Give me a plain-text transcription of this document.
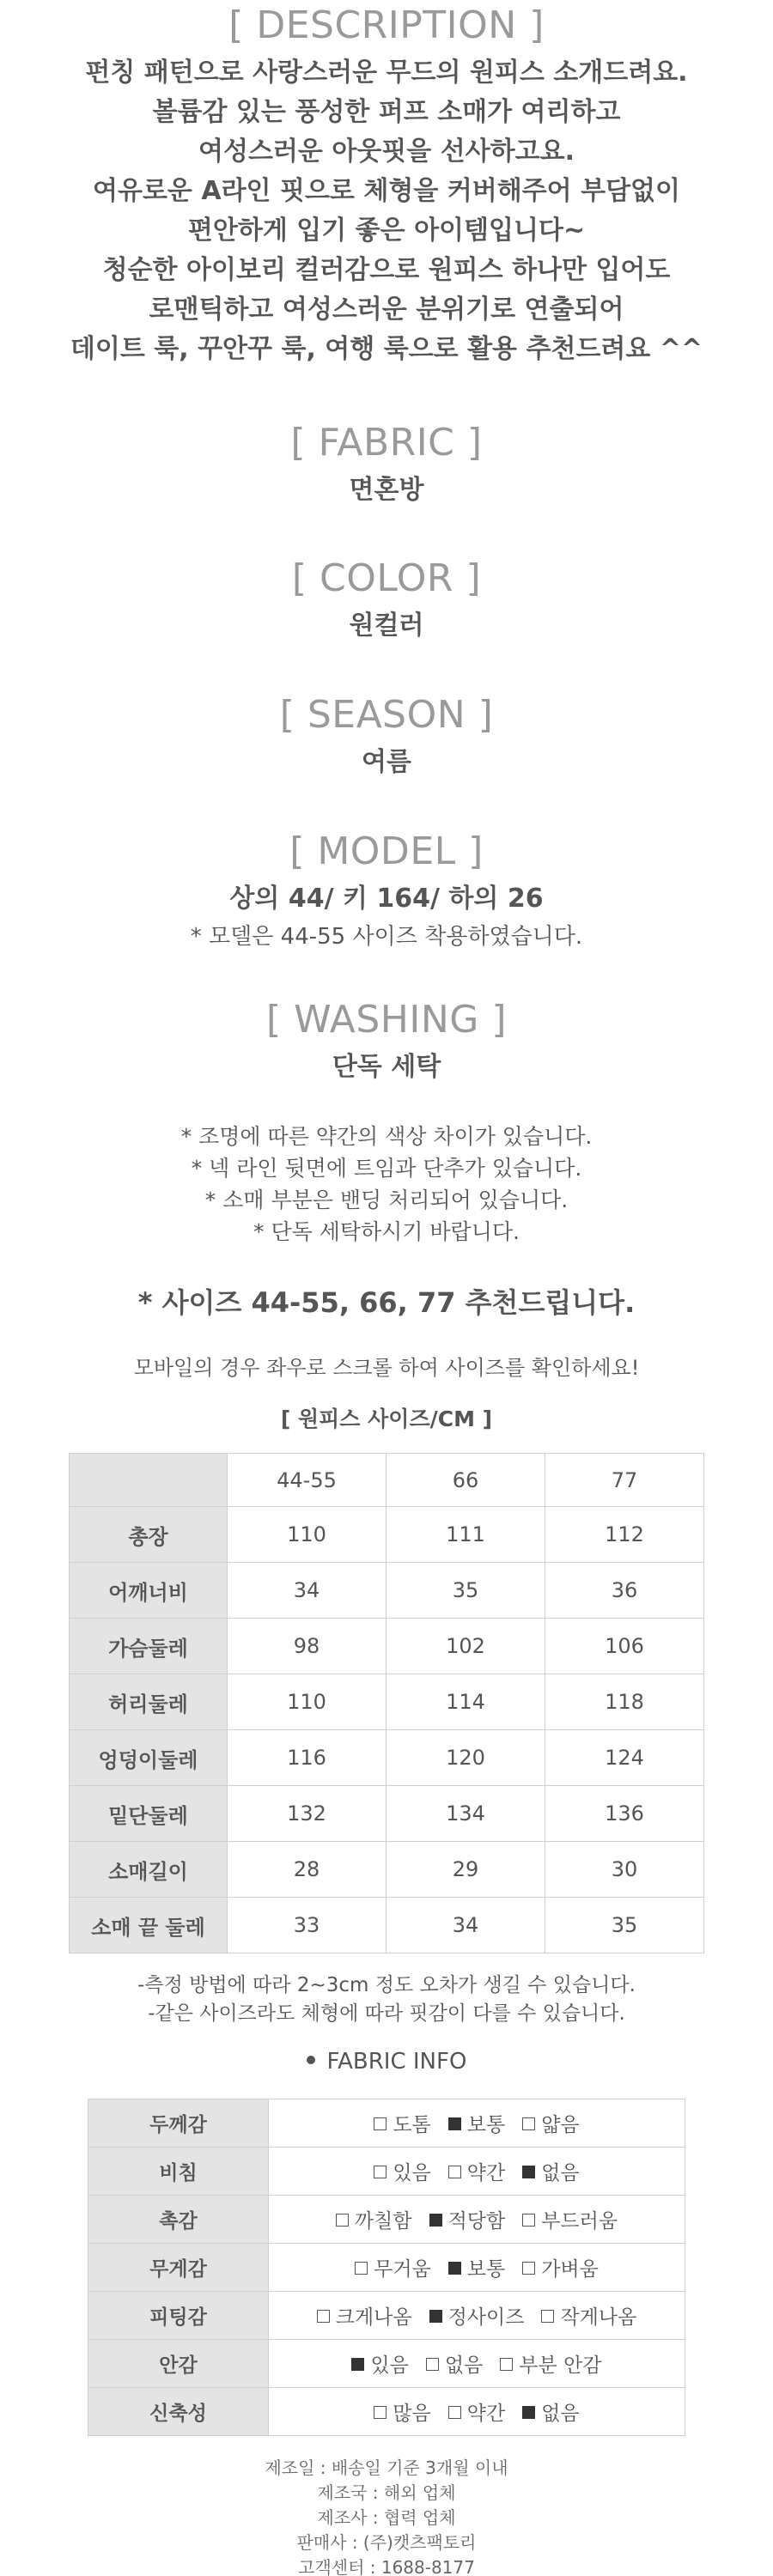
[ DESCRIPTION ]
펀칭 패턴으로 사랑스러운 무드의 원피스 소개드려요.
볼륨감 있는 풍성한 퍼프 소매가 여리하고
여성스러운 아웃핏을 선사하고요.
여유로운 A라인 핏으로 체형을 커버해주어 부담없이
편안하게 입기 좋은 아이템입니다~
청순한 아이보리 컬러감으로 원피스 하나만 입어도
로맨틱하고 여성스러운 분위기로 연출되어
데이트 룩, 꾸안꾸 룩, 여행 룩으로 활용 추천드려요 ^^
[ FABRIC ]
면혼방
[ COLOR ]
원컬러
[ SEASON ]
여름
[ MODEL ]
상의 44/ 키 164/ 하의 26
* 모델은 44-55 사이즈 착용하였습니다.
[ WASHING ]
단독 세탁
* 조명에 따른 약간의 색상 차이가 있습니다.
* 넥 라인 뒷면에 트임과 단추가 있습니다.
* 소매 부분은 밴딩 처리되어 있습니다.
* 단독 세탁하시기 바랍니다.
* 사이즈 44-55, 66, 77 추천드립니다.
모바일의 경우 좌우로 스크롤 하여 사이즈를 확인하세요!
[ 원피스 사이즈/CM ]
	44-55	66	77
총장	110	111	112
어깨너비	34	35	36
가슴둘레	98	102	106
허리둘레	110	114	118
엉덩이둘레	116	120	124
밑단둘레	132	134	136
소매길이	28	29	30
소매 끝 둘레	33	34	35
-측정 방법에 따라 2~3cm 정도 오차가 생길 수 있습니다.
-같은 사이즈라도 체형에 따라 핏감이 다를 수 있습니다.
FABRIC INFO
두께감	도톰 보통 얇음
비침	있음 약간 없음
촉감	까칠함 적당함 부드러움
무게감	무거움 보통 가벼움
피팅감	크게나옴 정사이즈 작게나옴
안감	있음 없음 부분 안감
신축성	많음 약간 없음
제조일 : 배송일 기준 3개월 이내
제조국 : 해외 업체
제조사 : 협력 업체
판매사 : (주)캣츠팩토리
고객센터 : 1688-8177
